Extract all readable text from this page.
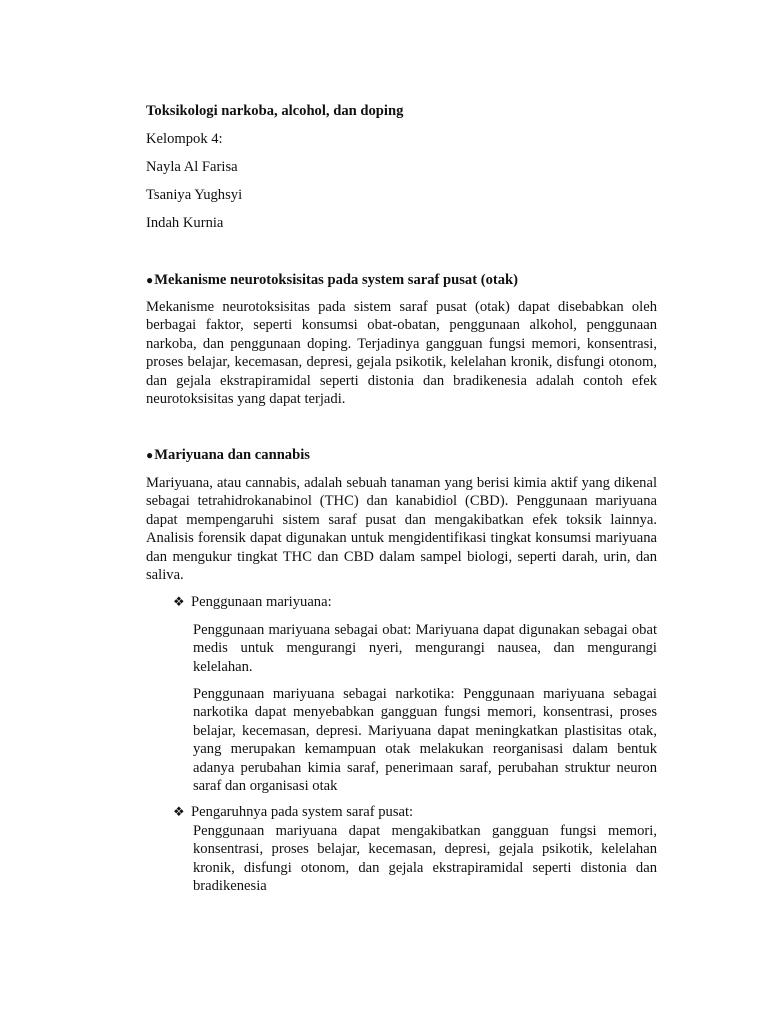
Toksikologi narkoba, alcohol, dan doping

Kelompok 4:

Nayla Al Farisa

Tsaniya Yughsyi

Indah Kurnia

●Mekanisme neurotoksisitas pada system saraf pusat (otak)

Mekanisme neurotoksisitas pada sistem saraf pusat (otak) dapat disebabkan oleh berbagai faktor, seperti konsumsi obat-obatan, penggunaan alkohol, penggunaan narkoba, dan penggunaan doping. Terjadinya gangguan fungsi memori, konsentrasi, proses belajar, kecemasan, depresi, gejala psikotik, kelelahan kronik, disfungi otonom, dan gejala ekstrapiramidal seperti distonia dan bradikenesia adalah contoh efek neurotoksisitas yang dapat terjadi.

●Mariyuana dan cannabis

Mariyuana, atau cannabis, adalah sebuah tanaman yang berisi kimia aktif yang dikenal sebagai tetrahidrokanabinol (THC) dan kanabidiol (CBD). Penggunaan mariyuana dapat mempengaruhi sistem saraf pusat dan mengakibatkan efek toksik lainnya. Analisis forensik dapat digunakan untuk mengidentifikasi tingkat konsumsi mariyuana dan mengukur tingkat THC dan CBD dalam sampel biologi, seperti darah, urin, dan saliva.

❖ Penggunaan mariyuana:

Penggunaan mariyuana sebagai obat: Mariyuana dapat digunakan sebagai obat medis untuk mengurangi nyeri, mengurangi nausea, dan mengurangi kelelahan.

Penggunaan mariyuana sebagai narkotika: Penggunaan mariyuana sebagai narkotika dapat menyebabkan gangguan fungsi memori, konsentrasi, proses belajar, kecemasan, depresi. Mariyuana dapat meningkatkan plastisitas otak, yang merupakan kemampuan otak melakukan reorganisasi dalam bentuk adanya perubahan kimia saraf, penerimaan saraf, perubahan struktur neuron saraf dan organisasi otak

❖ Pengaruhnya pada system saraf pusat:

Penggunaan mariyuana dapat mengakibatkan gangguan fungsi memori, konsentrasi, proses belajar, kecemasan, depresi, gejala psikotik, kelelahan kronik, disfungi otonom, dan gejala ekstrapiramidal seperti distonia dan bradikenesia
